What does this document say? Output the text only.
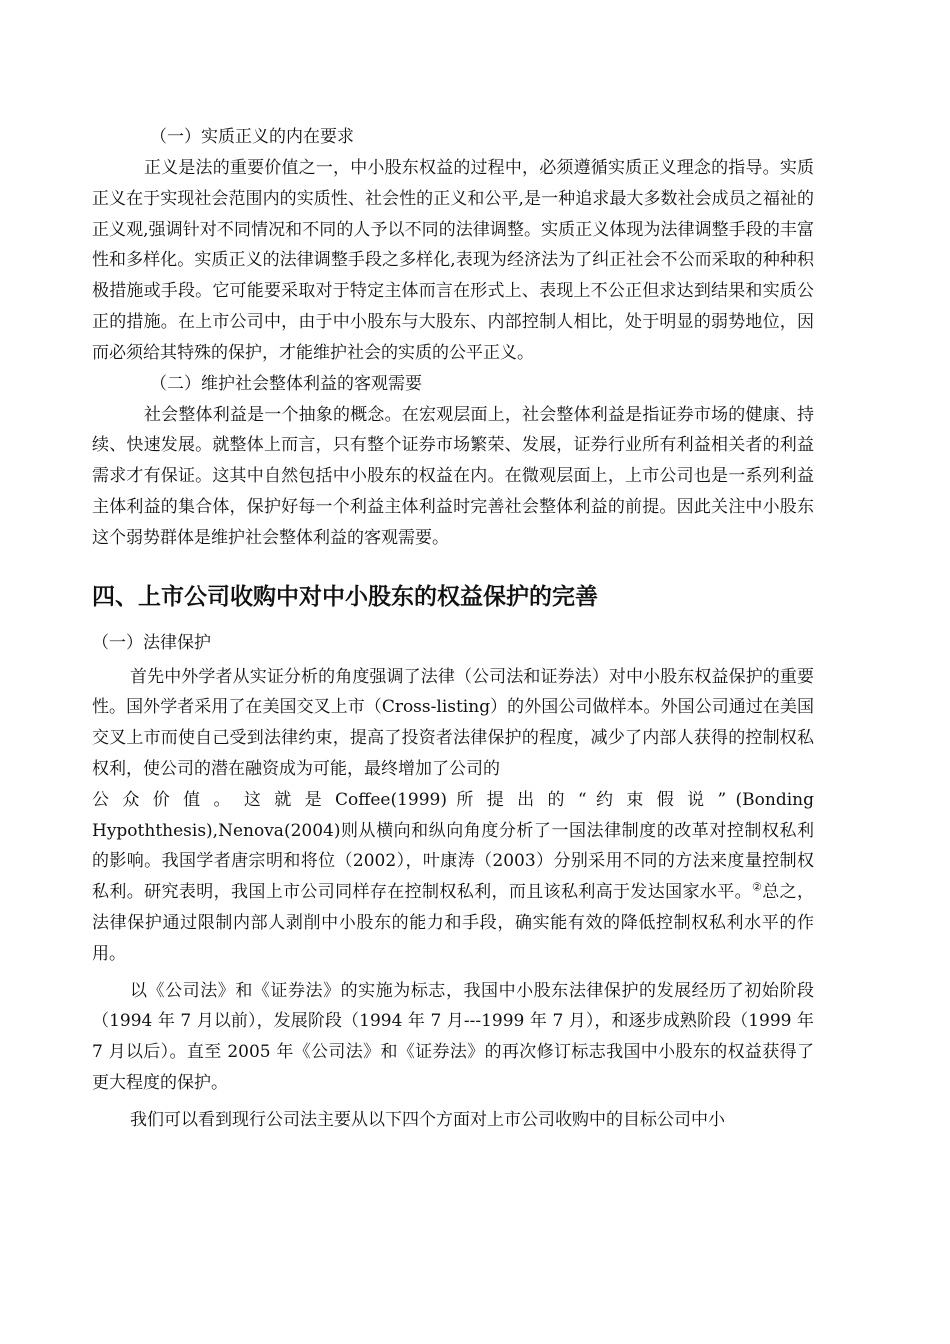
（一）实质正义的内在要求

正义是法的重要价值之一，中小股东权益的过程中，必须遵循实质正义理念的指导。实质正义在于实现社会范围内的实质性、社会性的正义和公平,是一种追求最大多数社会成员之福祉的正义观,强调针对不同情况和不同的人予以不同的法律调整。实质正义体现为法律调整手段的丰富性和多样化。实质正义的法律调整手段之多样化,表现为经济法为了纠正社会不公而采取的种种积极措施或手段。它可能要采取对于特定主体而言在形式上、表现上不公正但求达到结果和实质公正的措施。在上市公司中，由于中小股东与大股东、内部控制人相比，处于明显的弱势地位，因而必须给其特殊的保护，才能维护社会的实质的公平正义。

（二）维护社会整体利益的客观需要

社会整体利益是一个抽象的概念。在宏观层面上，社会整体利益是指证券市场的健康、持续、快速发展。就整体上而言，只有整个证券市场繁荣、发展，证券行业所有利益相关者的利益需求才有保证。这其中自然包括中小股东的权益在内。在微观层面上，上市公司也是一系列利益主体利益的集合体，保护好每一个利益主体利益时完善社会整体利益的前提。因此关注中小股东这个弱势群体是维护社会整体利益的客观需要。

四、上市公司收购中对中小股东的权益保护的完善
（一）法律保护

首先中外学者从实证分析的角度强调了法律（公司法和证券法）对中小股东权益保护的重要性。国外学者采用了在美国交叉上市（Cross-listing）的外国公司做样本。外国公司通过在美国交叉上市而使自己受到法律约束，提高了投资者法律保护的程度，减少了内部人获得的控制权私权利，使公司的潜在融资成为可能，最终增加了公司的

公 众 价 值 。 这 就 是 Coffee(1999) 所 提 出 的 “ 约 束 假 说 ” (Bonding

Hypoththesis),Nenova(2004)则从横向和纵向角度分析了一国法律制度的改革对控制权私利的影响。我国学者唐宗明和将位（2002），叶康涛（2003）分别采用不同的方法来度量控制权私利。研究表明，我国上市公司同样存在控制权私利，而且该私利高于发达国家水平。②总之，法律保护通过限制内部人剥削中小股东的能力和手段，确实能有效的降低控制权私利水平的作用。

以《公司法》和《证券法》的实施为标志，我国中小股东法律保护的发展经历了初始阶段（1994 年 7 月以前），发展阶段（1994 年 7 月---1999 年 7 月），和逐步成熟阶段（1999 年 7 月以后）。直至 2005 年《公司法》和《证券法》的再次修订标志我国中小股东的权益获得了更大程度的保护。

我们可以看到现行公司法主要从以下四个方面对上市公司收购中的目标公司中小
